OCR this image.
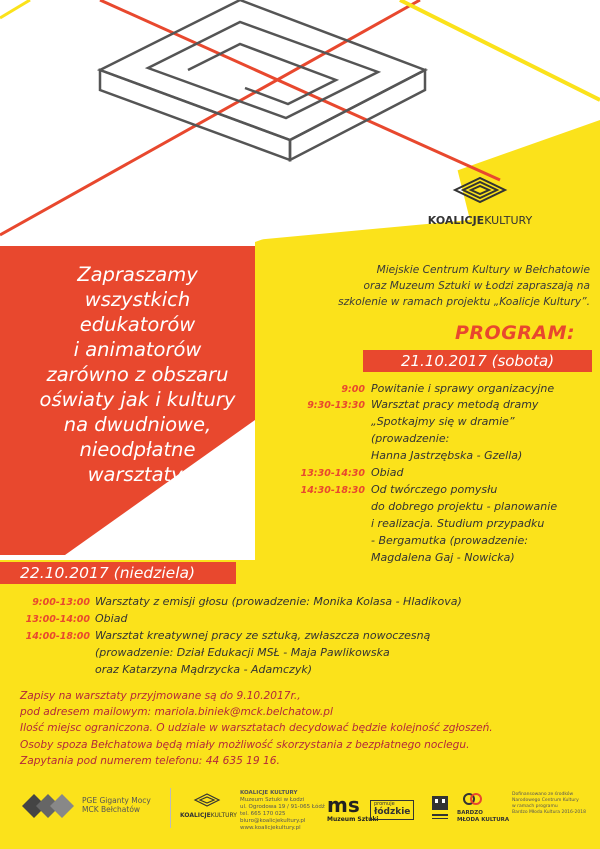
KOALICJEKULTURY
Miejskie Centrum Kultury w Bełchatowie
oraz Muzeum Sztuki w Łodzi zapraszają na
szkolenie w ramach projektu „Koalicje Kultury”.
Zapraszamy
wszystkich
edukatorów
i animatorów
zarówno z obszaru
oświaty jak i kultury
na dwudniowe,
nieodpłatne
warsztaty.
PROGRAM:
21.10.2017 (sobota)
9:00 Powitanie i sprawy organizacyjne
9:30-13:30 Warsztat pracy metodą dramy
„Spotkajmy się w dramie”
(prowadzenie:
Hanna Jastrzębska - Gzella)
13:30-14:30 Obiad
14:30-18:30 Od twórczego pomysłu
do dobrego projektu - planowanie
i realizacja. Studium przypadku
- Bergamutka (prowadzenie:
Magdalena Gaj - Nowicka)
22.10.2017 (niedziela)
9:00-13:00 Warsztaty z emisji głosu (prowadzenie: Monika Kolasa - Hladikova)
13:00-14:00 Obiad
14:00-18:00 Warsztat kreatywnej pracy ze sztuką, zwłaszcza nowoczesną
(prowadzenie: Dział Edukacji MSŁ - Maja Pawlikowska
oraz Katarzyna Mądrzycka - Adamczyk)
Zapisy na warsztaty przyjmowane są do 9.10.2017r.,
pod adresem mailowym: mariola.biniek@mck.belchatow.pl
Ilość miejsc ograniczona. O udziale w warsztatach decydować będzie kolejność zgłoszeń.
Osoby spoza Bełchatowa będą miały możliwość skorzystania z bezpłatnego noclegu.
Zapytania pod numerem telefonu: 44 635 19 16.
PGE Giganty Mocy
MCK Bełchatów
KOALICJEKULTURY
KOALICJE KULTURY
Muzeum Sztuki w Łodzi
ul. Ogrodowa 19 / 91-065 Łódź
tel. 665 170 025
biuro@koalicjekultury.pl
www.koalicjekultury.pl
ms
Muzeum Sztuki
promuje
łódzkie	BARDZO
MŁODA KULTURA
Dofinansowano ze środków
Narodowego Centrum Kultury
w ramach programu
Bardzo Młoda Kultura 2016-2018
